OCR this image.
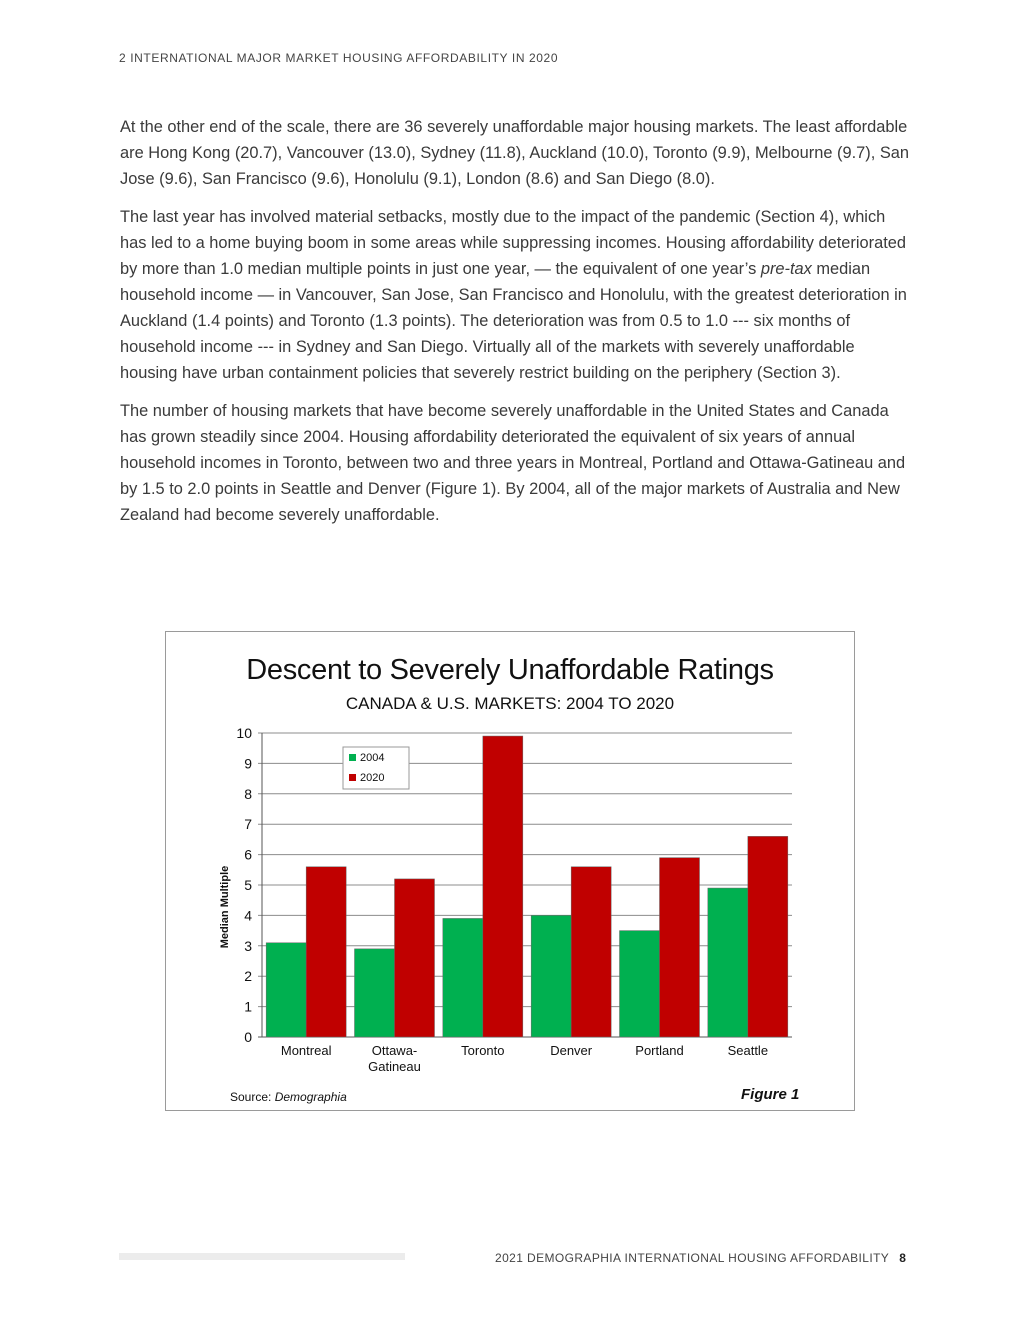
2 INTERNATIONAL MAJOR MARKET HOUSING AFFORDABILITY IN 2020

At the other end of the scale, there are 36 severely unaffordable major housing markets. The least affordable are Hong Kong (20.7), Vancouver (13.0), Sydney (11.8), Auckland (10.0), Toronto (9.9), Melbourne (9.7), San Jose (9.6), San Francisco (9.6), Honolulu (9.1), London (8.6) and San Diego (8.0).

The last year has involved material setbacks, mostly due to the impact of the pandemic (Section 4), which has led to a home buying boom in some areas while suppressing incomes. Housing affordability deteriorated by more than 1.0 median multiple points in just one year, — the equivalent of one year’s pre-tax median household income — in Vancouver, San Jose, San Francisco and Honolulu, with the greatest deterioration in Auckland (1.4 points) and Toronto (1.3 points). The deterioration was from 0.5 to 1.0 --- six months of household income --- in Sydney and San Diego. Virtually all of the markets with severely unaffordable housing have urban containment policies that severely restrict building on the periphery (Section 3).

The number of housing markets that have become severely unaffordable in the United States and Canada has grown steadily since 2004. Housing affordability deteriorated the equivalent of six years of annual household incomes in Toronto, between two and three years in Montreal, Portland and Ottawa-Gatineau and by 1.5 to 2.0 points in Seattle and Denver (Figure 1). By 2004, all of the major markets of Australia and New Zealand had become severely unaffordable.

Descent to Severely Unaffordable Ratings
CANADA & U.S. MARKETS: 2004 TO 2020
0
1
2
3
4
5
6
7
8
9
10
Median Multiple
Montreal	Ottawa-
Gatineau
Toronto	Denver	Portland	Seattle
2004
2020
Source: Demographia	Figure 1
2021 DEMOGRAPHIA INTERNATIONAL HOUSING AFFORDABILITY 8
